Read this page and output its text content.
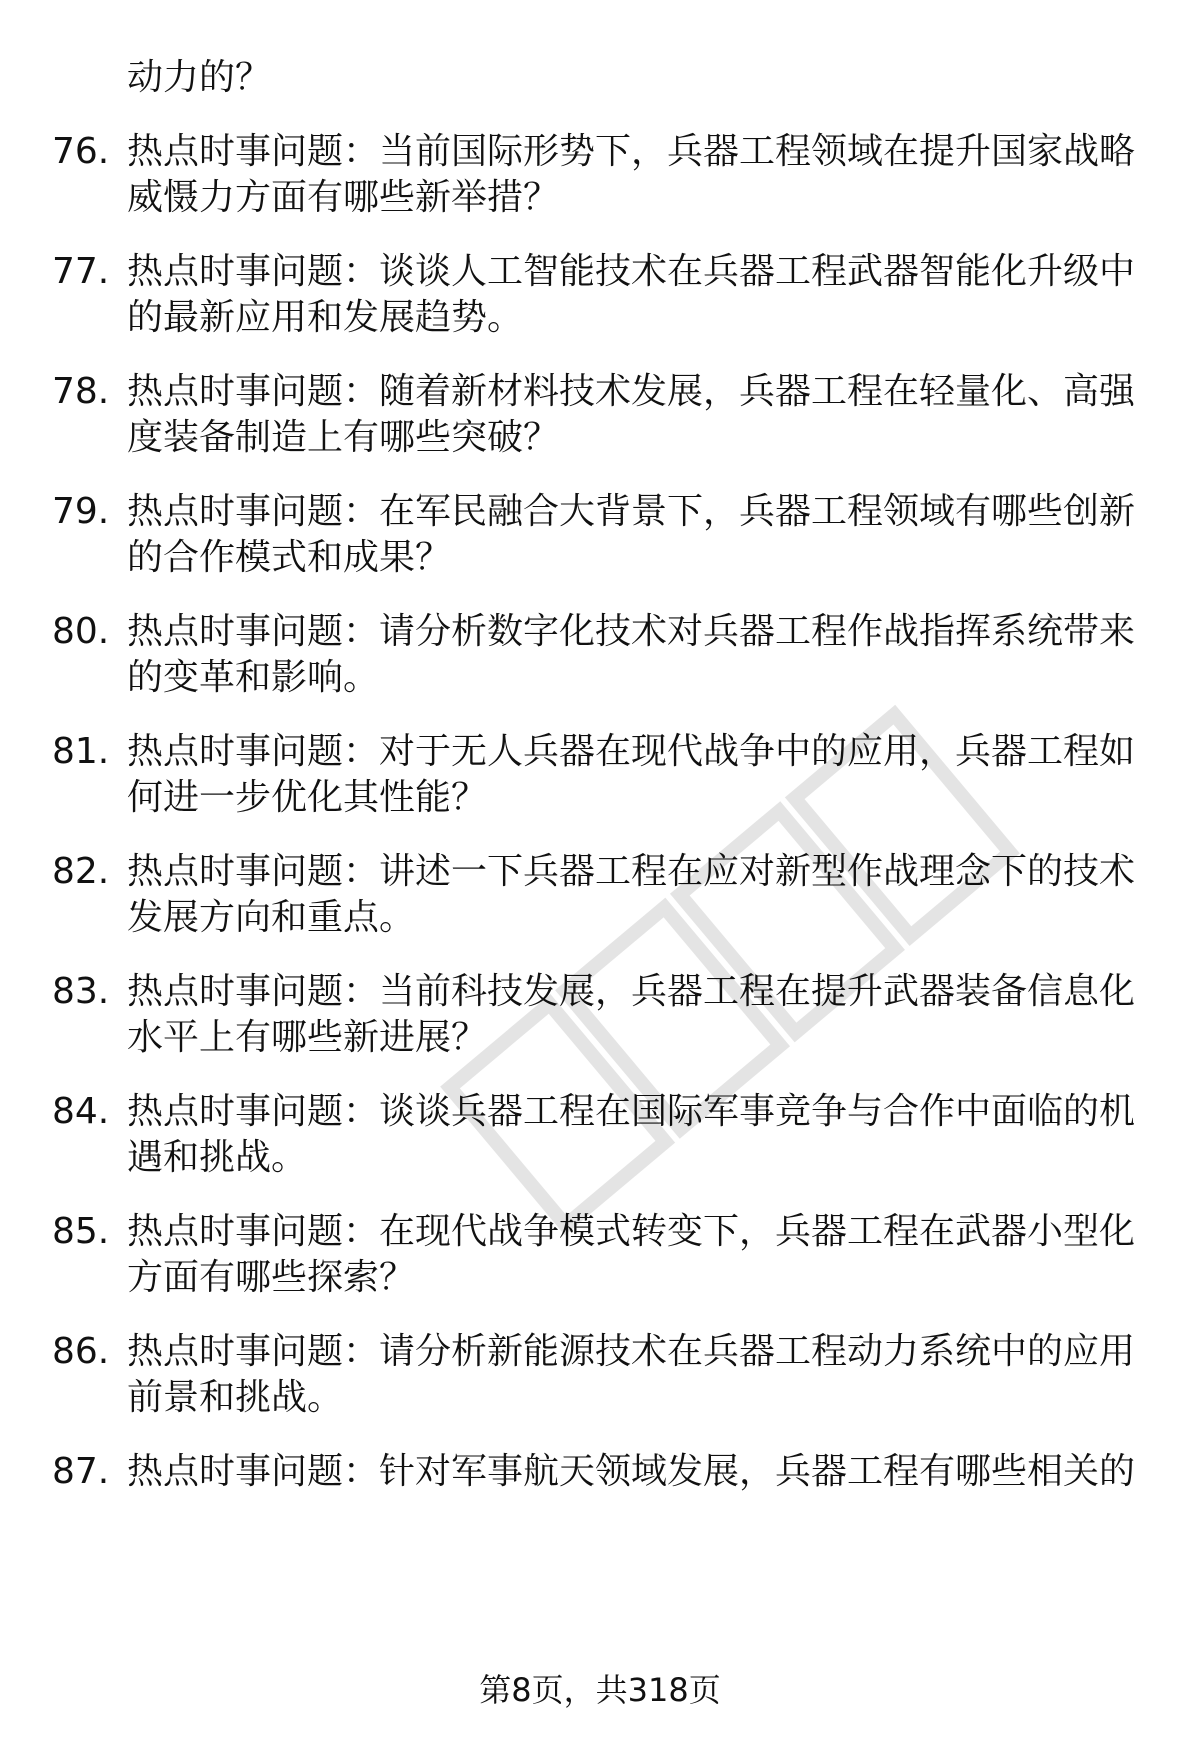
动力的？
76. 热点时事问题：当前国际形势下，兵器工程领域在提升国家战略
威慑力方面有哪些新举措？
77. 热点时事问题：谈谈人工智能技术在兵器工程武器智能化升级中
的最新应用和发展趋势。
78. 热点时事问题：随着新材料技术发展，兵器工程在轻量化、高强
度装备制造上有哪些突破？
79. 热点时事问题：在军民融合大背景下，兵器工程领域有哪些创新
的合作模式和成果？
80. 热点时事问题：请分析数字化技术对兵器工程作战指挥系统带来
的变革和影响。
81. 热点时事问题：对于无人兵器在现代战争中的应用，兵器工程如
何进一步优化其性能？
82. 热点时事问题：讲述一下兵器工程在应对新型作战理念下的技术
发展方向和重点。
83. 热点时事问题：当前科技发展，兵器工程在提升武器装备信息化
水平上有哪些新进展？
84. 热点时事问题：谈谈兵器工程在国际军事竞争与合作中面临的机
遇和挑战。
85. 热点时事问题：在现代战争模式转变下，兵器工程在武器小型化
方面有哪些探索？
86. 热点时事问题：请分析新能源技术在兵器工程动力系统中的应用
前景和挑战。
87. 热点时事问题：针对军事航天领域发展，兵器工程有哪些相关的
第8页，共318页
